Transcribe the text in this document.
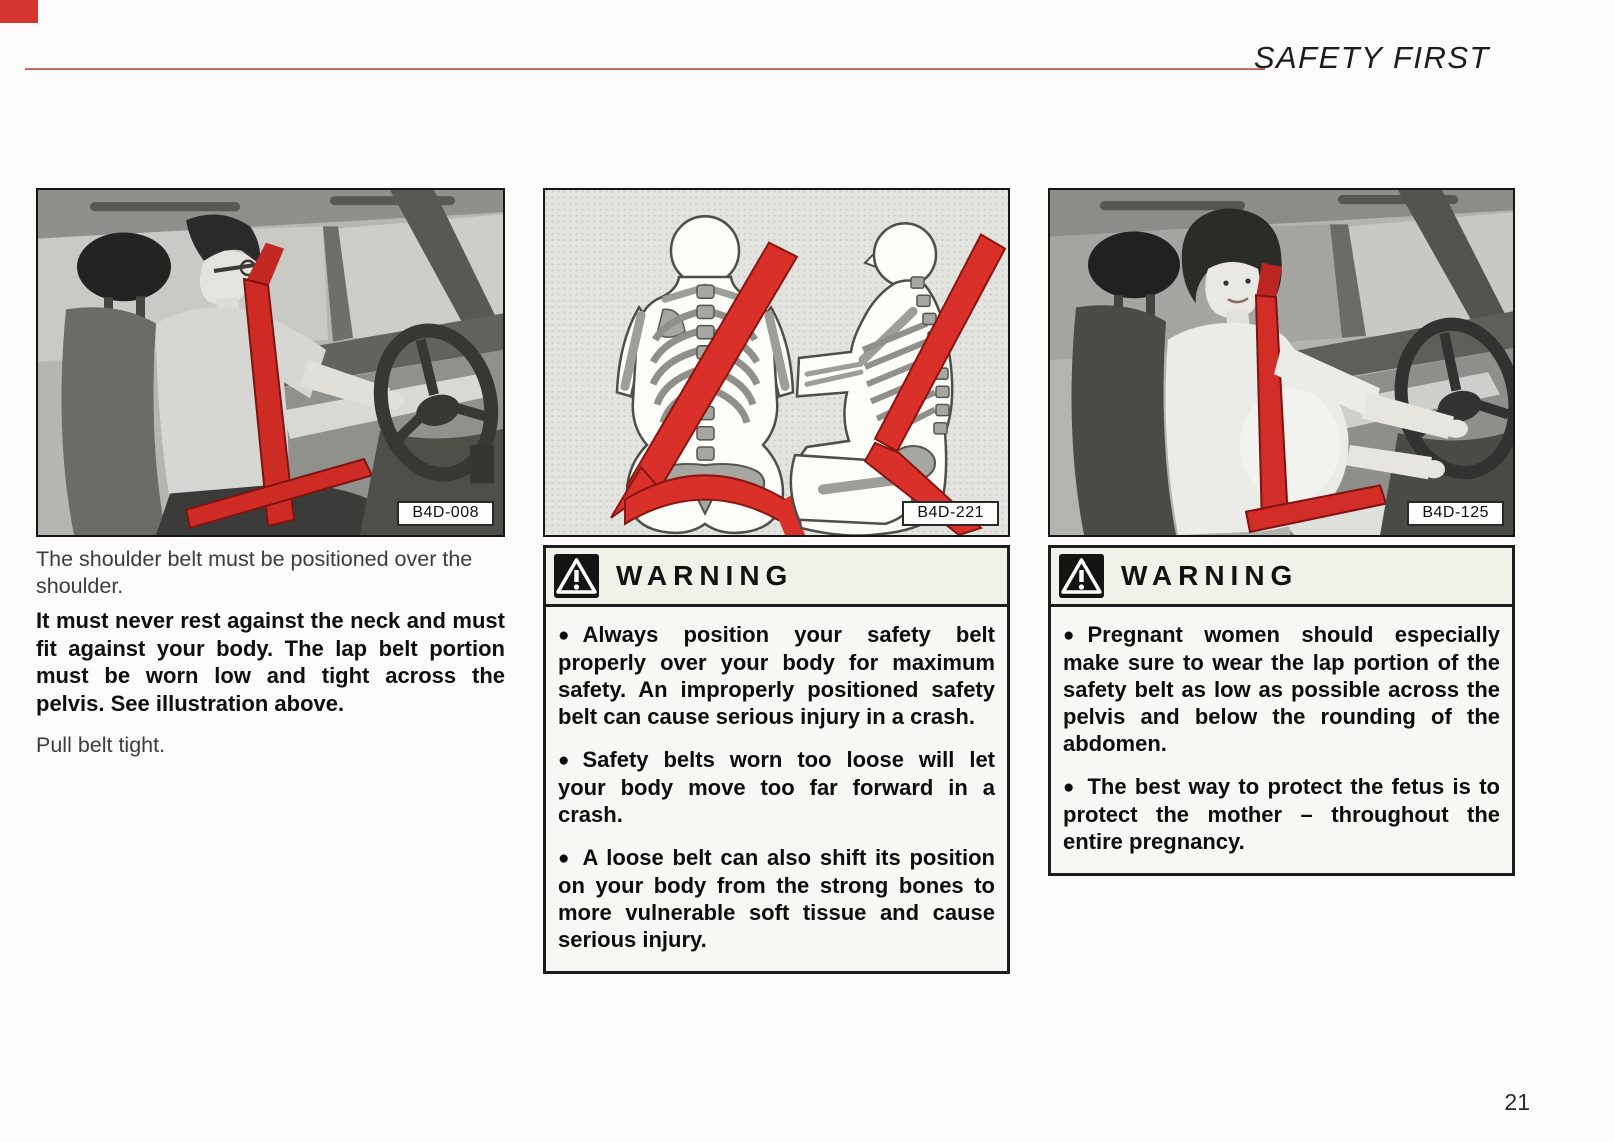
SAFETY FIRST
B4D-008

The shoulder belt must be positioned over the shoulder.

It must never rest against the neck and must fit against your body. The lap belt portion must be worn low and tight across the pelvis. See illustration above.

Pull belt tight.

B4D-221
WARNING

● Always position your safety belt properly over your body for maximum safety. An improperly positioned safety belt can cause serious injury in a crash.

● Safety belts worn too loose will let your body move too far forward in a crash.

● A loose belt can also shift its position on your body from the strong bones to more vulnerable soft tissue and cause serious injury.

B4D-125
WARNING

● Pregnant women should especially make sure to wear the lap portion of the safety belt as low as possible across the pelvis and below the rounding of the abdomen.

● The best way to protect the fetus is to protect the mother – throughout the entire pregnancy.

21
